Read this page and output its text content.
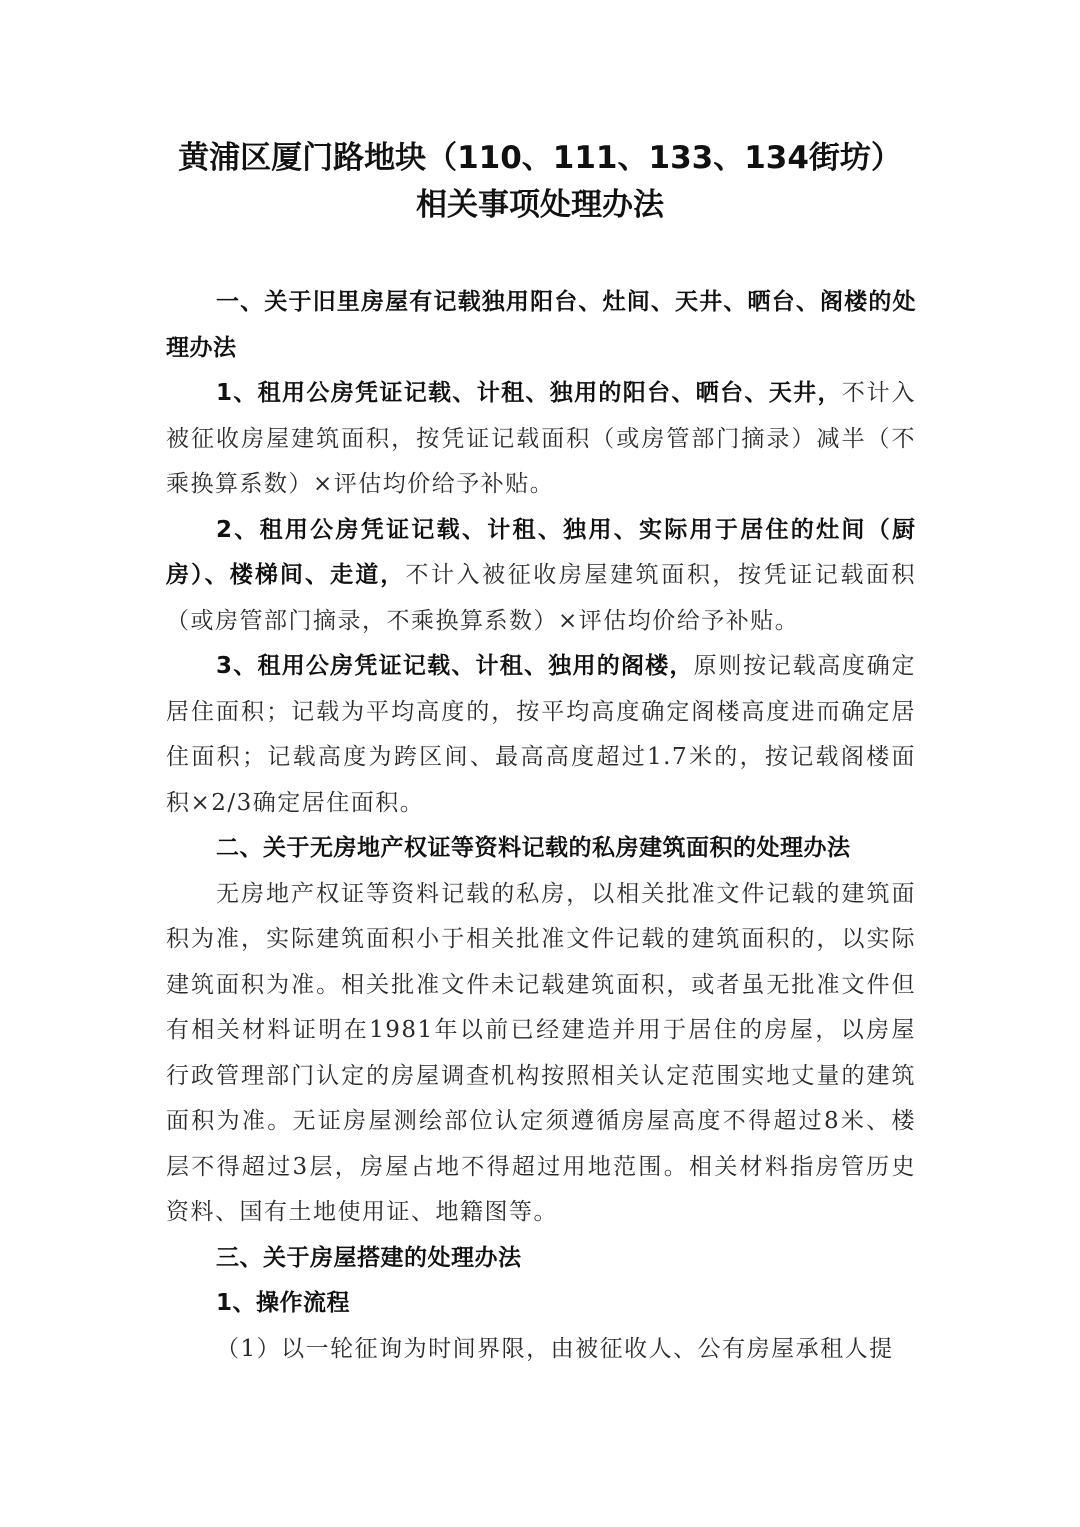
黄浦区厦门路地块（110、111、133、134街坊）
相关事项处理办法

一、关于旧里房屋有记载独用阳台、灶间、天井、晒台、阁楼的处理办法

1、租用公房凭证记载、计租、独用的阳台、晒台、天井，不计入被征收房屋建筑面积，按凭证记载面积（或房管部门摘录）减半（不乘换算系数）×评估均价给予补贴。

2、租用公房凭证记载、计租、独用、实际用于居住的灶间（厨房）、楼梯间、走道，不计入被征收房屋建筑面积，按凭证记载面积（或房管部门摘录，不乘换算系数）×评估均价给予补贴。

3、租用公房凭证记载、计租、独用的阁楼，原则按记载高度确定居住面积；记载为平均高度的，按平均高度确定阁楼高度进而确定居住面积；记载高度为跨区间、最高高度超过1.7米的，按记载阁楼面积×2/3确定居住面积。

二、关于无房地产权证等资料记载的私房建筑面积的处理办法

无房地产权证等资料记载的私房，以相关批准文件记载的建筑面积为准，实际建筑面积小于相关批准文件记载的建筑面积的，以实际建筑面积为准。相关批准文件未记载建筑面积，或者虽无批准文件但有相关材料证明在1981年以前已经建造并用于居住的房屋，以房屋行政管理部门认定的房屋调查机构按照相关认定范围实地丈量的建筑面积为准。无证房屋测绘部位认定须遵循房屋高度不得超过8米、楼层不得超过3层，房屋占地不得超过用地范围。相关材料指房管历史资料、国有土地使用证、地籍图等。

三、关于房屋搭建的处理办法

1、操作流程

（1）以一轮征询为时间界限，由被征收人、公有房屋承租人提
